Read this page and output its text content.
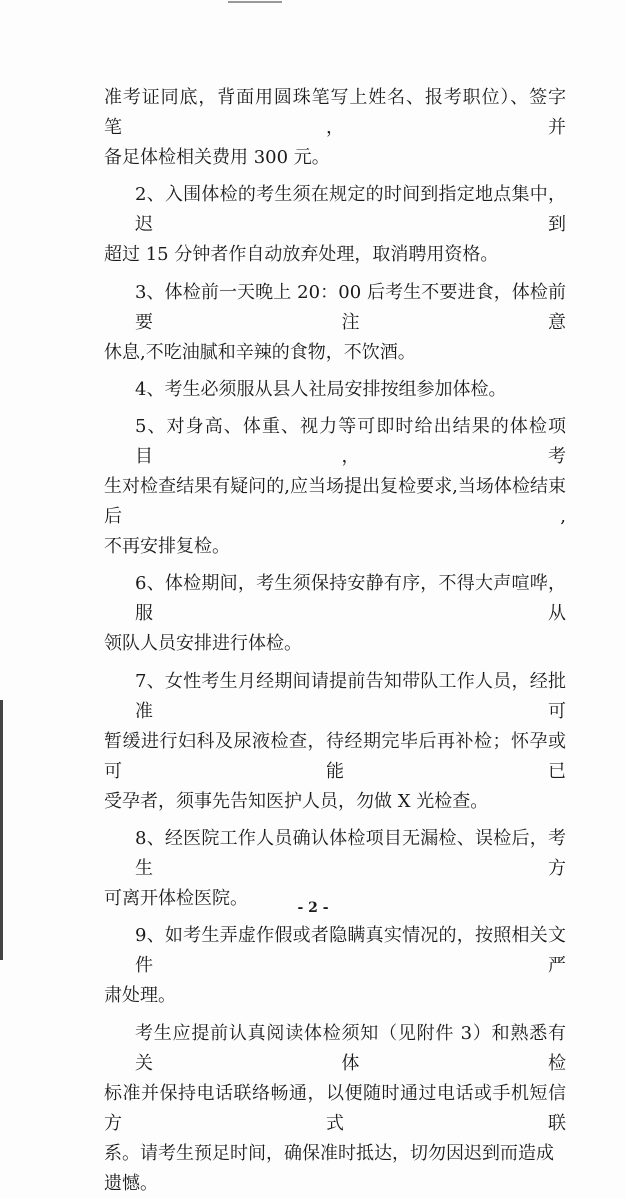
准考证同底，背面用圆珠笔写上姓名、报考职位）、签字笔，并
备足体检相关费用 300 元。
2、入围体检的考生须在规定的时间到指定地点集中，迟到
超过 15 分钟者作自动放弃处理，取消聘用资格。
3、体检前一天晚上 20：00 后考生不要进食，体检前要注意
休息,不吃油腻和辛辣的食物，不饮酒。
4、考生必须服从县人社局安排按组参加体检。
5、对身高、体重、视力等可即时给出结果的体检项目，考
生对检查结果有疑问的,应当场提出复检要求,当场体检结束后,
不再安排复检。
6、体检期间，考生须保持安静有序，不得大声喧哗，服从
领队人员安排进行体检。
7、女性考生月经期间请提前告知带队工作人员，经批准可
暂缓进行妇科及尿液检查，待经期完毕后再补检；怀孕或可能已
受孕者，须事先告知医护人员，勿做 X 光检查。
8、经医院工作人员确认体检项目无漏检、误检后，考生方
可离开体检医院。
9、如考生弄虚作假或者隐瞒真实情况的，按照相关文件严
肃处理。
考生应提前认真阅读体检须知（见附件 3）和熟悉有关体检
标准并保持电话联络畅通，以便随时通过电话或手机短信方式联
系。请考生预足时间，确保准时抵达，切勿因迟到而造成遗憾。
- 2 -
